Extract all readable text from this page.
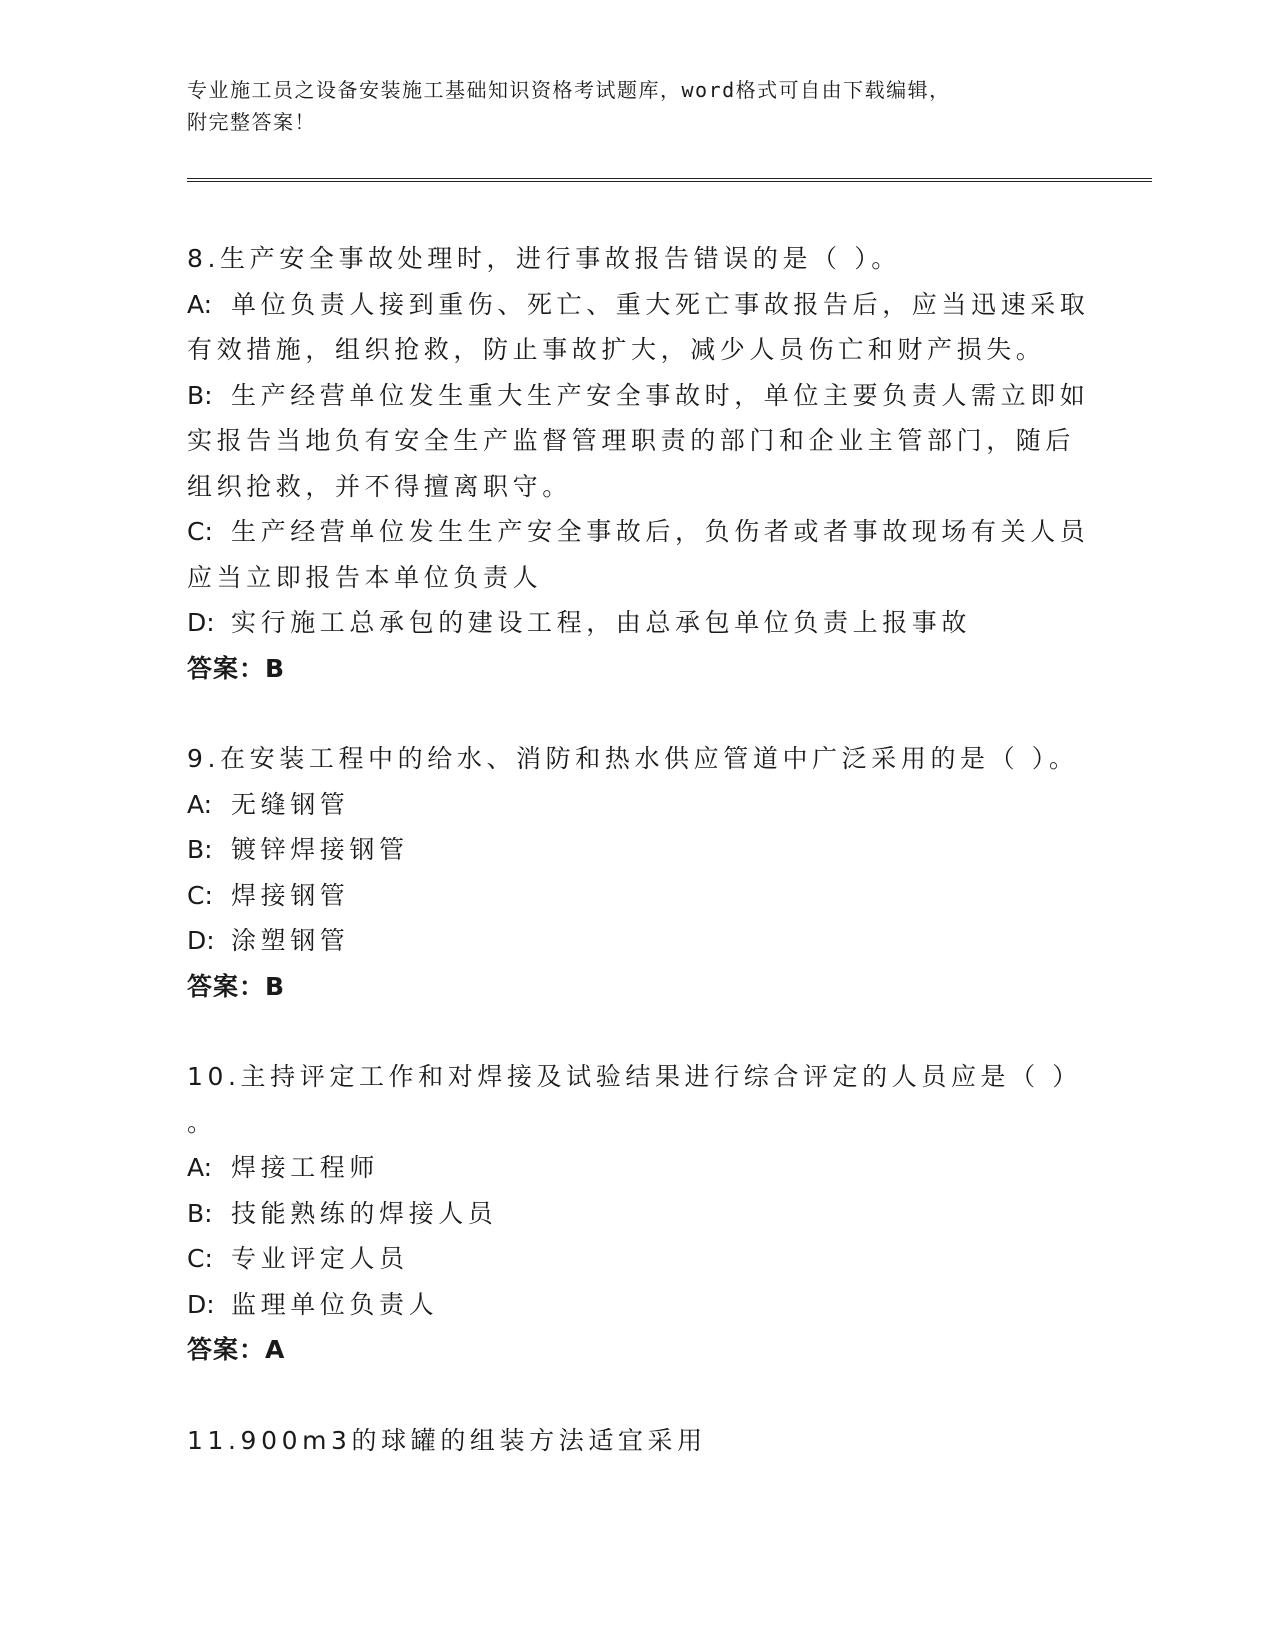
专业施工员之设备安装施工基础知识资格考试题库，word格式可自由下载编辑，
附完整答案！
8.生产安全事故处理时，进行事故报告错误的是（ ）。
A: 单位负责人接到重伤、死亡、重大死亡事故报告后，应当迅速采取
有效措施，组织抢救，防止事故扩大，减少人员伤亡和财产损失。
B: 生产经营单位发生重大生产安全事故时，单位主要负责人需立即如
实报告当地负有安全生产监督管理职责的部门和企业主管部门，随后
组织抢救，并不得擅离职守。
C: 生产经营单位发生生产安全事故后，负伤者或者事故现场有关人员
应当立即报告本单位负责人
D: 实行施工总承包的建设工程，由总承包单位负责上报事故
答案：B
9.在安装工程中的给水、消防和热水供应管道中广泛采用的是（ ）。
A: 无缝钢管
B: 镀锌焊接钢管
C: 焊接钢管
D: 涂塑钢管
答案：B
10.主持评定工作和对焊接及试验结果进行综合评定的人员应是（ ）
。
A: 焊接工程师
B: 技能熟练的焊接人员
C: 专业评定人员
D: 监理单位负责人
答案：A
11.900m3的球罐的组装方法适宜采用
